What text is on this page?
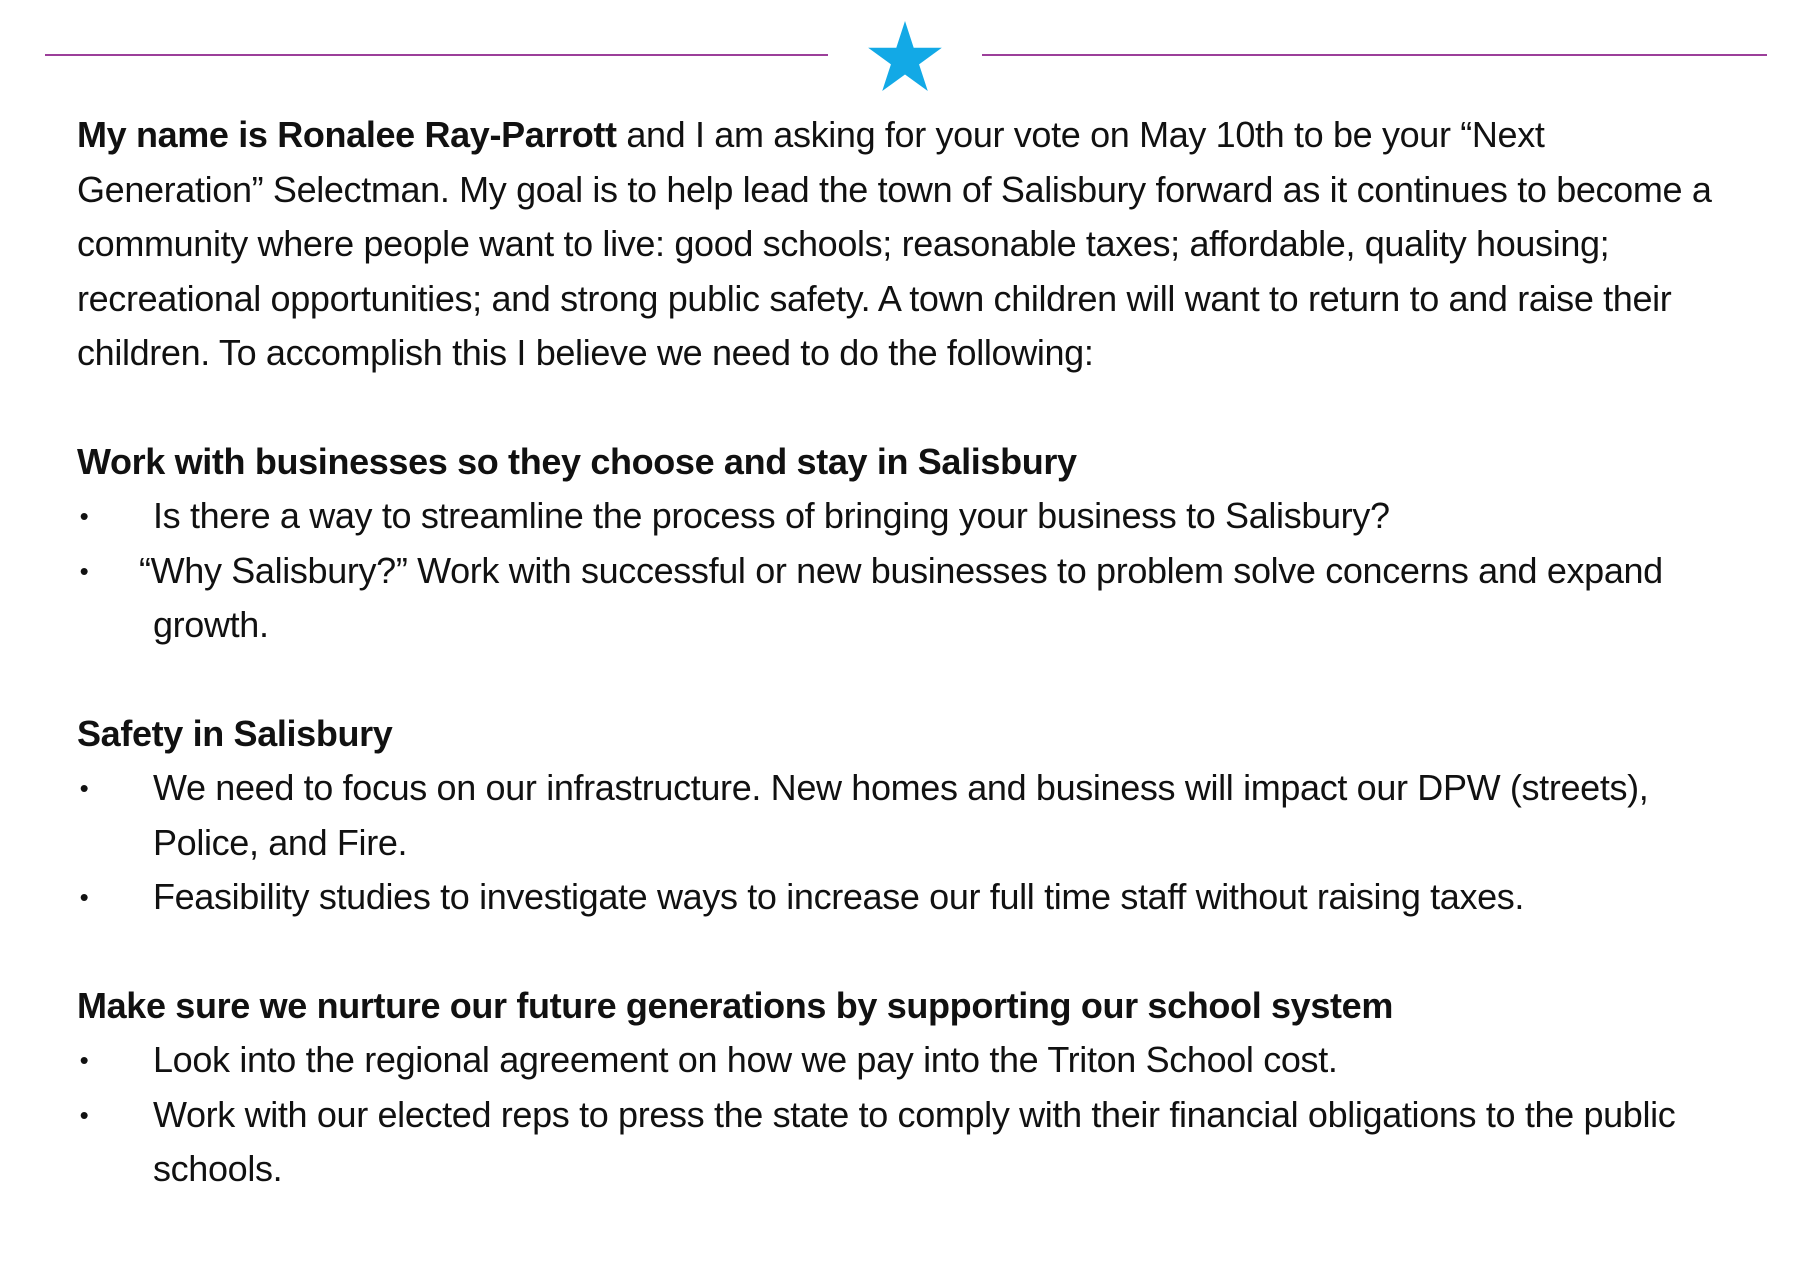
My name is Ronalee Ray-Parrott and I am asking for your vote on May 10th to be your “Next Generation” Selectman. My goal is to help lead the town of Salisbury forward as it continues to become a community where people want to live: good schools; reasonable taxes; affordable, quality housing; recreational opportunities; and strong public safety. A town children will want to return to and raise their children. To accomplish this I believe we need to do the following:

Work with businesses so they choose and stay in Salisbury
• Is there a way to streamline the process of bringing your business to Salisbury?
• “Why Salisbury?” Work with successful or new businesses to problem solve concerns and expand growth.
Safety in Salisbury
• We need to focus on our infrastructure. New homes and business will impact our DPW (streets), Police, and Fire.
• Feasibility studies to investigate ways to increase our full time staff without raising taxes.
Make sure we nurture our future generations by supporting our school system
• Look into the regional agreement on how we pay into the Triton School cost.
• Work with our elected reps to press the state to comply with their financial obligations to the public schools.
